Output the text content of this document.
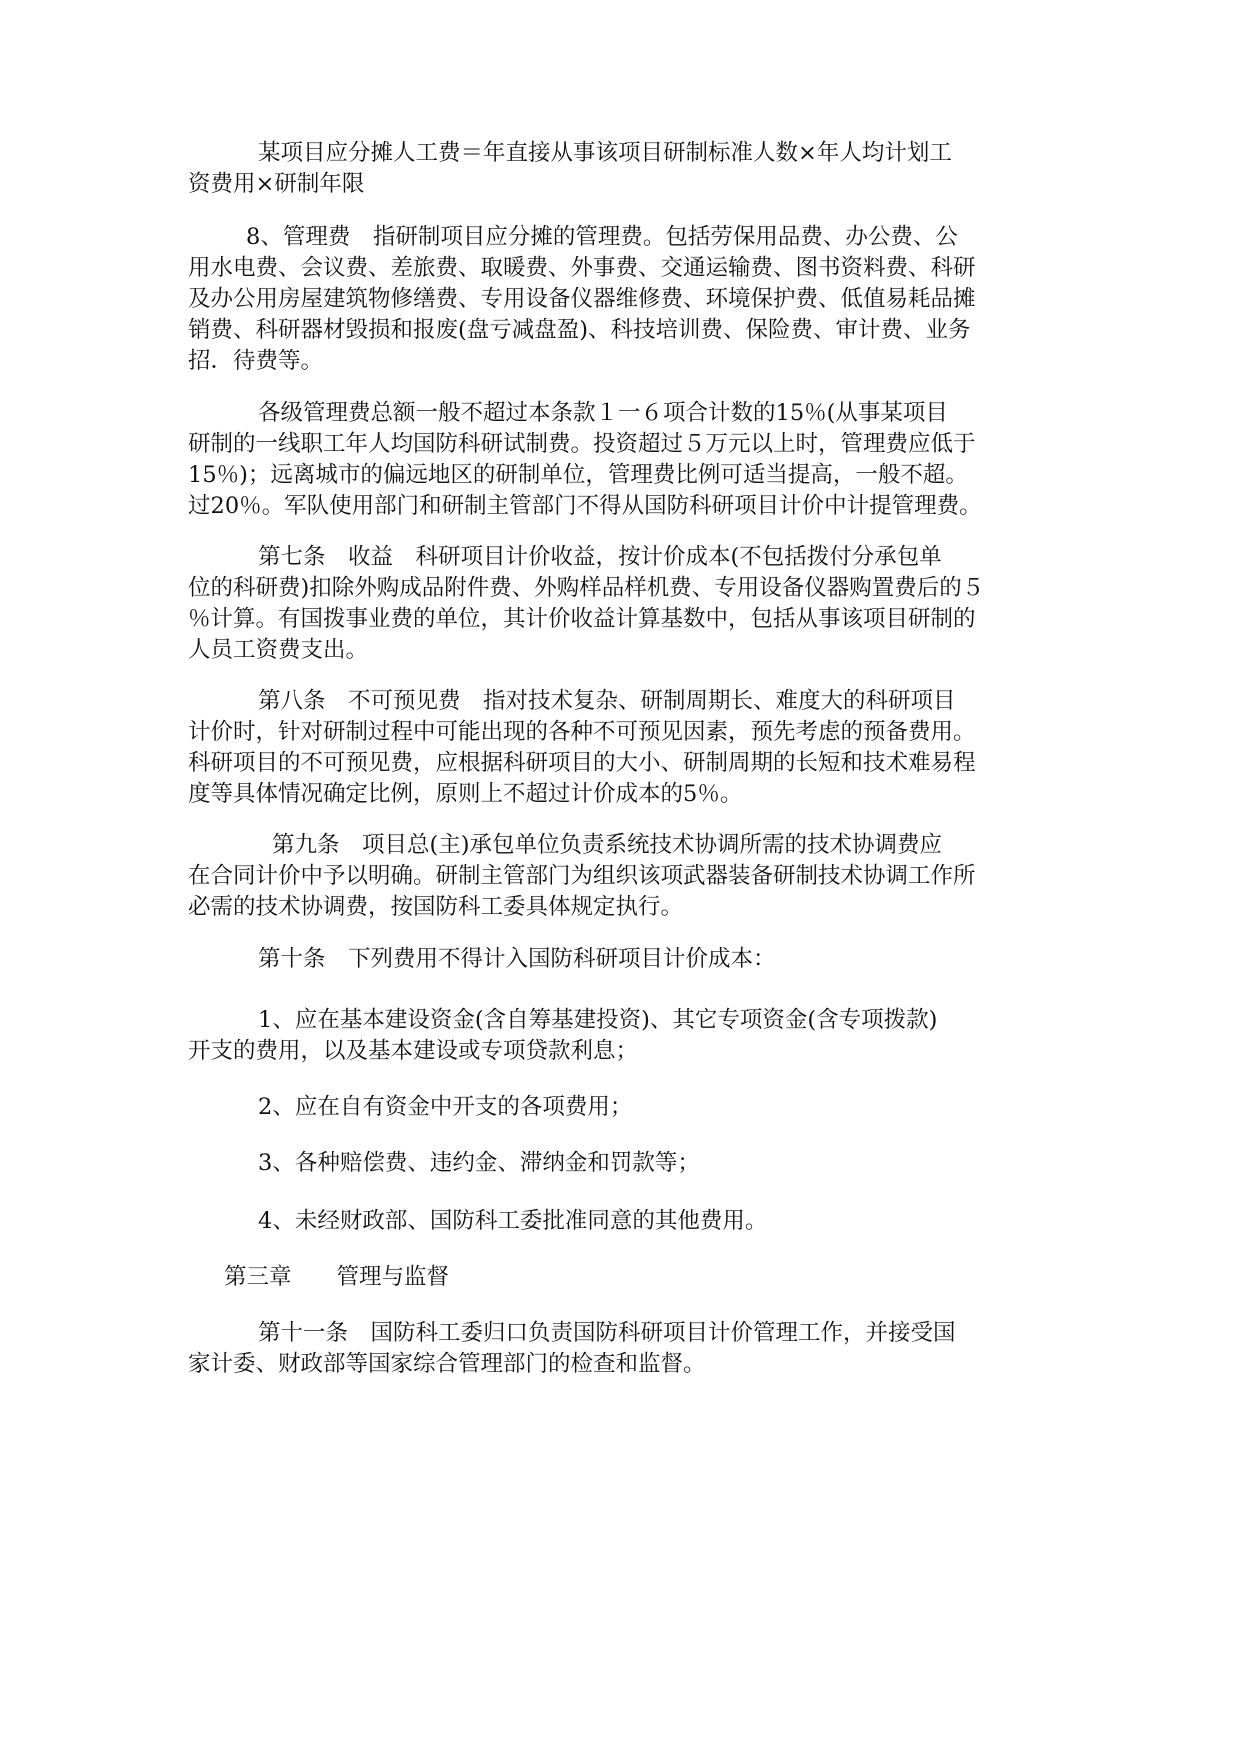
某项目应分摊人工费＝年直接从事该项目研制标准人数×年人均计划工
资费用×研制年限

8、管理费　指研制项目应分摊的管理费。包括劳保用品费、办公费、公
用水电费、会议费、差旅费、取暖费、外事费、交通运输费、图书资料费、科研
及办公用房屋建筑物修缮费、专用设备仪器维修费、环境保护费、低值易耗品摊
销费、科研器材毁损和报废(盘亏减盘盈)、科技培训费、保险费、审计费、业务
招．待费等。

各级管理费总额一般不超过本条款１一６项合计数的15％(从事某项目
研制的一线职工年人均国防科研试制费。投资超过５万元以上时，管理费应低于
15％)；远离城市的偏远地区的研制单位，管理费比例可适当提高，一般不超。
过20％。军队使用部门和研制主管部门不得从国防科研项目计价中计提管理费。

第七条　收益　科研项目计价收益，按计价成本(不包括拨付分承包单
位的科研费)扣除外购成品附件费、外购样品样机费、专用设备仪器购置费后的５
％计算。有国拨事业费的单位，其计价收益计算基数中，包括从事该项目研制的
人员工资费支出。

第八条　不可预见费　指对技术复杂、研制周期长、难度大的科研项目
计价时，针对研制过程中可能出现的各种不可预见因素，预先考虑的预备费用。
科研项目的不可预见费，应根据科研项目的大小、研制周期的长短和技术难易程
度等具体情况确定比例，原则上不超过计价成本的5％。

第九条　项目总(主)承包单位负责系统技术协调所需的技术协调费应
在合同计价中予以明确。研制主管部门为组织该项武器装备研制技术协调工作所
必需的技术协调费，按国防科工委具体规定执行。

第十条　下列费用不得计入国防科研项目计价成本：

1、应在基本建设资金(含自筹基建投资)、其它专项资金(含专项拨款)
开支的费用，以及基本建设或专项贷款利息；

2、应在自有资金中开支的各项费用；

3、各种赔偿费、违约金、滞纳金和罚款等；

4、未经财政部、国防科工委批准同意的其他费用。

第三章　　管理与监督

第十一条　国防科工委归口负责国防科研项目计价管理工作，并接受国
家计委、财政部等国家综合管理部门的检查和监督。
